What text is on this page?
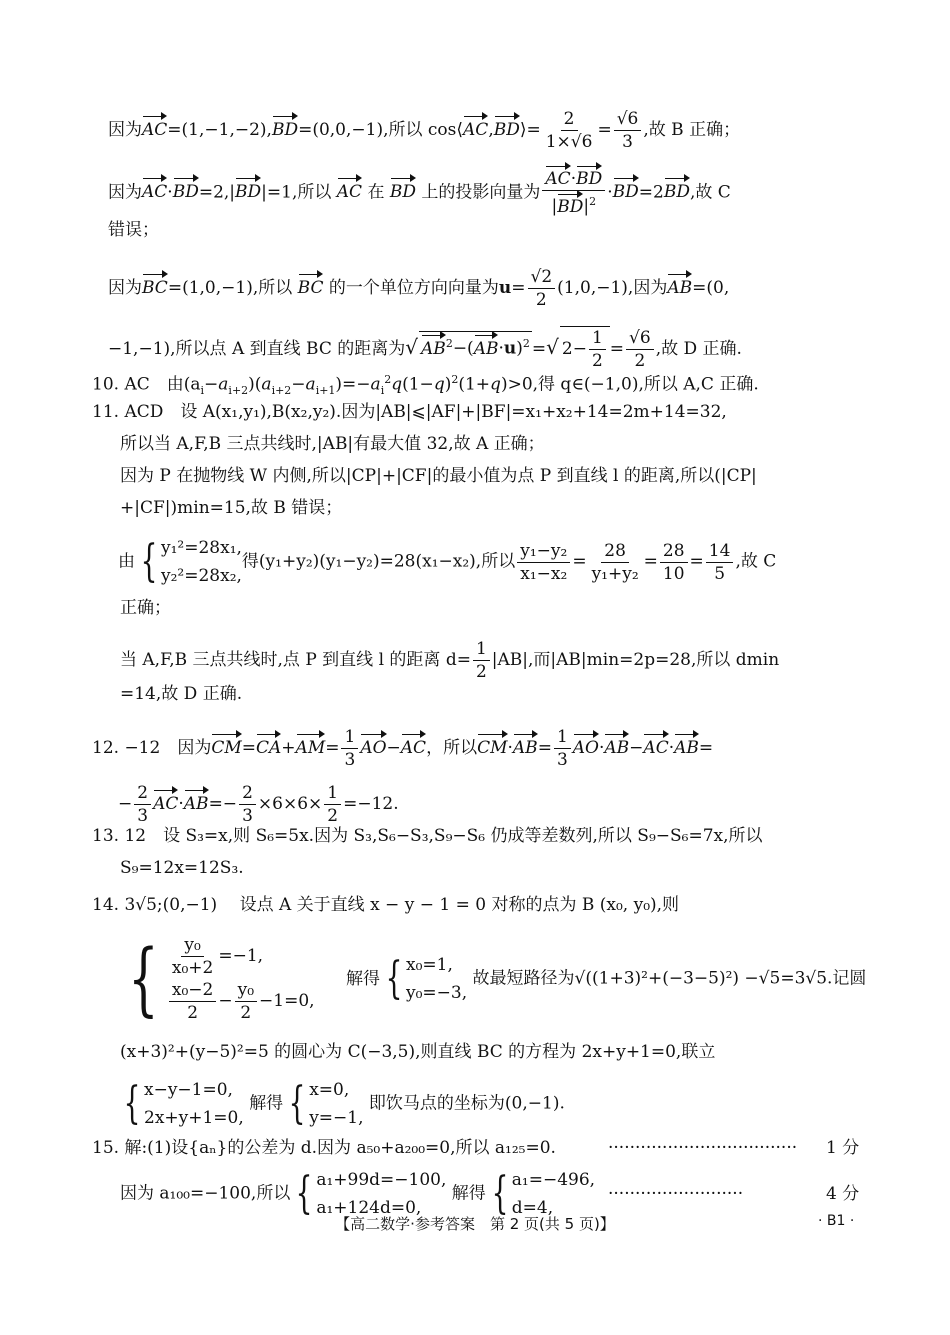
因为AC=(1,−1,−2),BD=(0,0,−1),所以 cos⟨AC,BD⟩= $\frac{2}{1\times√6} = \frac{√6}{3}$ ,故 B 正确；
因为AC·BD=2,|BD|=1,所以 AC 在 BD 上的投影向量为 $\frac{AC\cdot BD}{|BD|^2} \cdot BD=2BD$,故 C
错误；
因为BC=(1,0,−1),所以 BC 的一个单位方向向量为$u= \frac{√2}{2} (1,0,-1)$,因为AB=(0,
−1,−1),所以点 A 到直线 BC 的距离为√ $AB^2-(AB\cdot u)^2$ =√ $2- \frac{1}{2} = \frac{√6}{2}$ ,故 D 正确.
10. AC　由$(a_i-a_{i+2})(a_{i+2}-a_{i+1})=-a_i^2q(1-q)^2(1+q)>0$,得 q∈(−1,0),所以 A,C 正确.
11. ACD　设 A(x₁,y₁),B(x₂,y₂).因为|AB|⩽|AF|+|BF|=x₁+x₂+14=2m+14=32,
所以当 A,F,B 三点共线时,|AB|有最大值 32,故 A 正确；
因为 P 在抛物线 W 内侧,所以|CP|+|CF|的最小值为点 P 到直线 l 的距离,所以(|CP|
+|CF|)min=15,故 B 错误；
由 { y₁²=28x₁,
y₂²=28x₂,
得(y₁+y₂)(y₁−y₂)=28(x₁−x₂),所以 $\frac{\text{y₁−y₂}}{\text{x₁−x₂}} = \frac{28}{\text{y₁+y₂}} = \frac{28}{10} = \frac{14}{5}$ ,故 C
正确；
当 A,F,B 三点共线时,点 P 到直线 l 的距离 $d= \frac{1}{2} |AB|$,而|AB|min=2p=28,所以 dmin
=14,故 D 正确.
12. −12　因为$CM=CA+AM= \frac{1}{3} AO-AC$，所以$CM\cdot AB= \frac{1}{3} AO\cdot AB-AC\cdot AB=$
− $\frac{2}{3} AC\cdot AB=- \frac{2}{3} \times 6\times 6\times \frac{1}{2} =-12$.
13. 12　设 S₃=x,则 S₆=5x.因为 S₃,S₆−S₃,S₉−S₆ 仍成等差数列,所以 S₉−S₆=7x,所以
S₉=12x=12S₃.
14. 3√5;(0,−1)　 设点 A 关于直线 x − y − 1 = 0 对称的点为 B (x₀, y₀),则
{ $\frac{\text{y₀}}{\text{x₀+2}} =-1$,
$\frac{\text{x₀−2}}{2} - \frac{\text{y₀}}{2} -1=0$,
解得 { x₀=1,
y₀=−3,
故最短路径为√((1+3)²+(−3−5)²) −√5=3√5.记圆
(x+3)²+(y−5)²=5 的圆心为 C(−3,5),则直线 BC 的方程为 2x+y+1=0,联立
{ x−y−1=0,
2x+y+1=0,
解得 { x=0,
y=−1,
即饮马点的坐标为(0,−1).
15. 解:(1)设{aₙ}的公差为 d.因为 a₅₀+a₂₀₀=0,所以 a₁₂₅=0.	··································· 1 分
因为 a₁₀₀=−100,所以 { a₁+99d=−100,
a₁+124d=0,
解得 { a₁=−496,
d=4,
·························	4 分
【高二数学·参考答案　第 2 页(共 5 页)】	· B1 ·
